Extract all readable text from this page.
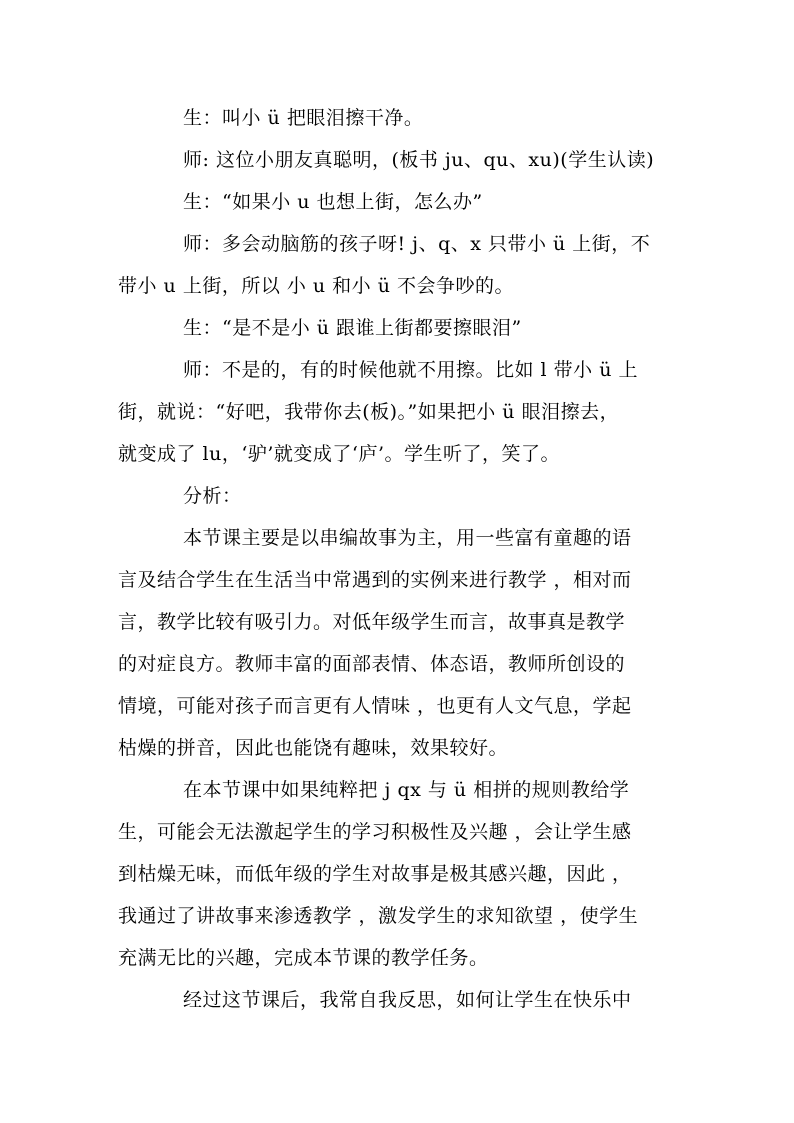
生：叫小 ü 把眼泪擦干净。
师: 这位小朋友真聪明，(板书 ju、qu、xu)(学生认读)
生：“如果小 u 也想上街，怎么办”
师：多会动脑筋的孩子呀! j、q、x 只带小 ü 上街，不
带小 u 上街，所以 小 u 和小 ü 不会争吵的。
生：“是不是小 ü 跟谁上街都要擦眼泪”
师：不是的，有的时候他就不用擦。比如 l 带小 ü 上
街，就说：“好吧，我带你去(板)。”如果把小 ü 眼泪擦去，
就变成了 lu，‘驴’就变成了‘庐’。学生听了，笑了。
分析：
本节课主要是以串编故事为主，用一些富有童趣的语
言及结合学生在生活当中常遇到的实例来进行教学 ，相对而
言，教学比较有吸引力。对低年级学生而言，故事真是教学
的对症良方。教师丰富的面部表情、体态语，教师所创设的
情境，可能对孩子而言更有人情味 ，也更有人文气息，学起
枯燥的拼音，因此也能饶有趣味，效果较好。
在本节课中如果纯粹把 j qx 与 ü 相拼的规则教给学
生，可能会无法激起学生的学习积极性及兴趣 ，会让学生感
到枯燥无味，而低年级的学生对故事是极其感兴趣，因此 ，
我通过了讲故事来渗透教学 ，激发学生的求知欲望 ，使学生
充满无比的兴趣，完成本节课的教学任务。
经过这节课后，我常自我反思，如何让学生在快乐中
